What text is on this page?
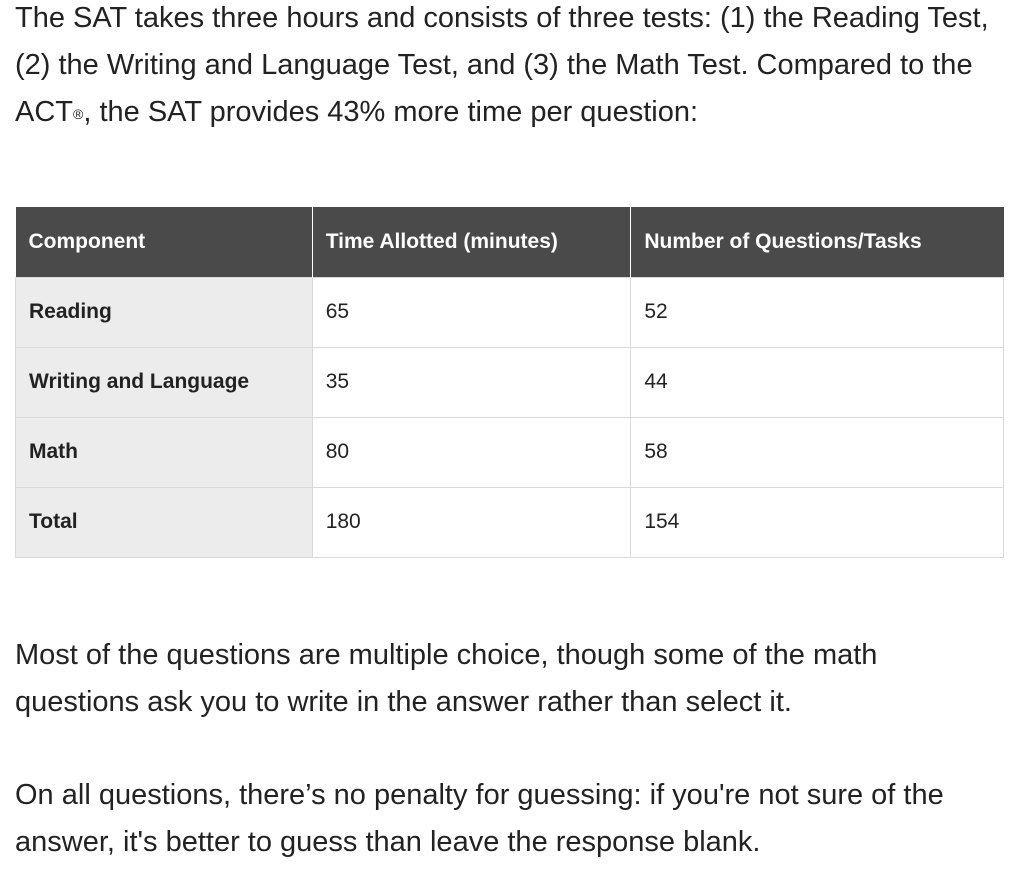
The SAT takes three hours and consists of three tests: (1) the Reading Test, (2) the Writing and Language Test, and (3) the Math Test. Compared to the ACT®, the SAT provides 43% more time per question:

Component	Time Allotted (minutes)	Number of Questions/Tasks
Reading	65	52
Writing and Language	35	44
Math	80	58
Total	180	154

Most of the questions are multiple choice, though some of the math questions ask you to write in the answer rather than select it.

On all questions, there’s no penalty for guessing: if you're not sure of the answer, it's better to guess than leave the response blank.
